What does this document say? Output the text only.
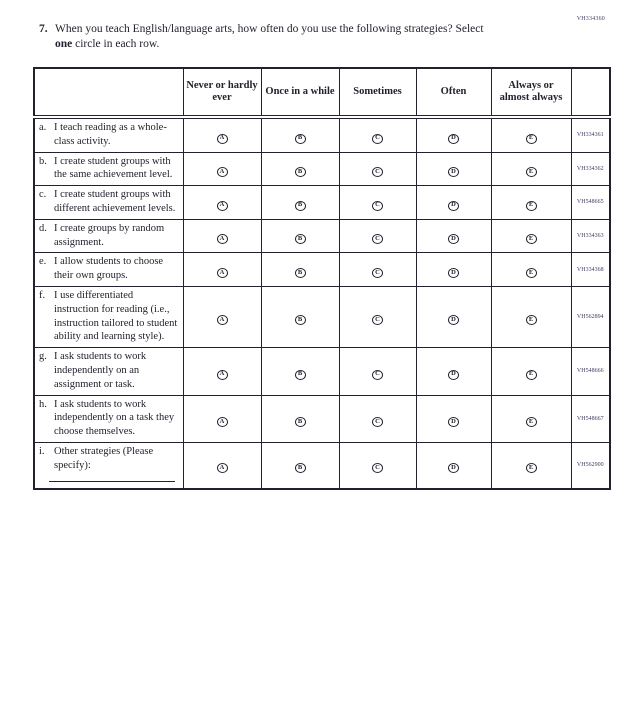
VH334360
7. When you teach English/language arts, how often do you use the following strategies? Select one circle in each row.
	Never or hardly ever	Once in a while	Sometimes	Often	Always or almost always	

a. I teach reading as a whole-class activity.	A	B	C	D	E	VH334361

b. I create student groups with the same achievement level.	A	B	C	D	E	VH334362

c. I create student groups with different achievement levels.	A	B	C	D	E	VH548665

d. I create groups by random assignment.	A	B	C	D	E	VH334363

e. I allow students to choose their own groups.	A	B	C	D	E	VH334368

f. I use differentiated instruction for reading (i.e., instruction tailored to student ability and learning style).	A	B	C	D	E	VH562894

g. I ask students to work independently on an assignment or task.	A	B	C	D	E	VH548666

h. I ask students to work independently on a task they choose themselves.	A	B	C	D	E	VH548667

i. Other strategies (Please specify):	A	B	C	D	E	VH562900
